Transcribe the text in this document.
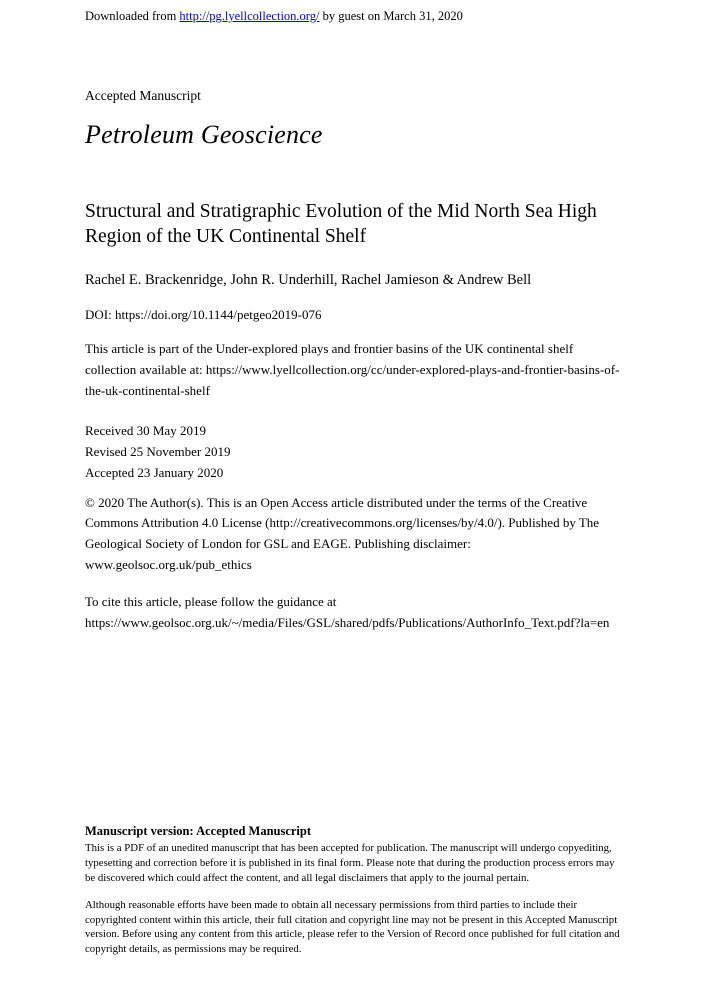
Downloaded from http://pg.lyellcollection.org/ by guest on March 31, 2020
Accepted Manuscript
Petroleum Geoscience
Structural and Stratigraphic Evolution of the Mid North Sea High Region of the UK Continental Shelf
Rachel E. Brackenridge, John R. Underhill, Rachel Jamieson & Andrew Bell
DOI: https://doi.org/10.1144/petgeo2019-076
This article is part of the Under-explored plays and frontier basins of the UK continental shelf collection available at: https://www.lyellcollection.org/cc/under-explored-plays-and-frontier-basins-of-the-uk-continental-shelf
Received 30 May 2019
Revised 25 November 2019
Accepted 23 January 2020
© 2020 The Author(s). This is an Open Access article distributed under the terms of the Creative Commons Attribution 4.0 License (http://creativecommons.org/licenses/by/4.0/). Published by The Geological Society of London for GSL and EAGE. Publishing disclaimer: www.geolsoc.org.uk/pub_ethics
To cite this article, please follow the guidance at https://www.geolsoc.org.uk/~/media/Files/GSL/shared/pdfs/Publications/AuthorInfo_Text.pdf?la=en
Manuscript version: Accepted Manuscript
This is a PDF of an unedited manuscript that has been accepted for publication. The manuscript will undergo copyediting, typesetting and correction before it is published in its final form. Please note that during the production process errors may be discovered which could affect the content, and all legal disclaimers that apply to the journal pertain.
Although reasonable efforts have been made to obtain all necessary permissions from third parties to include their copyrighted content within this article, their full citation and copyright line may not be present in this Accepted Manuscript version. Before using any content from this article, please refer to the Version of Record once published for full citation and copyright details, as permissions may be required.
